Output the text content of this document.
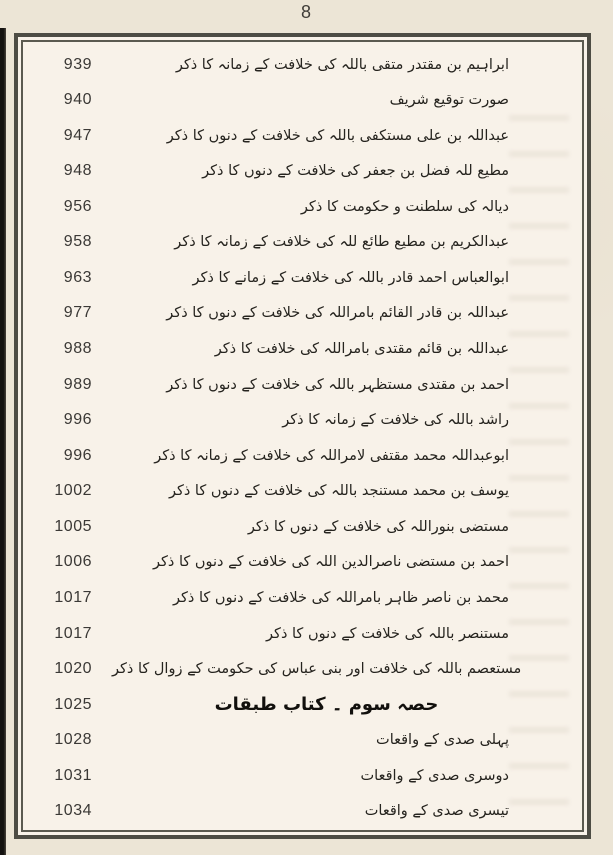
8
939	ابراہیم بن مقتدر متقی باللہ کی خلافت کے زمانہ کا ذکر
940	صورت توقیع شریف
947	عبداللہ بن علی مستکفی باللہ کی خلافت کے دنوں کا ذکر
948	مطیع للہ فضل بن جعفر کی خلافت کے دنوں کا ذکر
956	دیالہ کی سلطنت و حکومت کا ذکر
958	عبدالکریم بن مطیع طائع للہ کی خلافت کے زمانہ کا ذکر
963	ابوالعباس احمد قادر باللہ کی خلافت کے زمانے کا ذکر
977	عبداللہ بن قادر القائم بامراللہ کی خلافت کے دنوں کا ذکر
988	عبداللہ بن قائم مقتدی بامراللہ کی خلافت کا ذکر
989	احمد بن مقتدی مستظہر باللہ کی خلافت کے دنوں کا ذکر
996	راشد باللہ کی خلافت کے زمانہ کا ذکر
996	ابوعبداللہ محمد مقتفی لامراللہ کی خلافت کے زمانہ کا ذکر
1002	یوسف بن محمد مستنجد باللہ کی خلافت کے دنوں کا ذکر
1005	مستضی بنوراللہ کی خلافت کے دنوں کا ذکر
1006	احمد بن مستضی ناصرالدین اللہ کی خلافت کے دنوں کا ذکر
1017	محمد بن ناصر ظاہر بامراللہ کی خلافت کے دنوں کا ذکر
1017	مستنصر باللہ کی خلافت کے دنوں کا ذکر
1020 مستعصم باللہ کی خلافت اور بنی عباس کی حکومت کے زوال کا ذکر
1025	حصہ سوم ۔ کتاب طبقات
1028	پہلی صدی کے واقعات
1031	دوسری صدی کے واقعات
1034	تیسری صدی کے واقعات
